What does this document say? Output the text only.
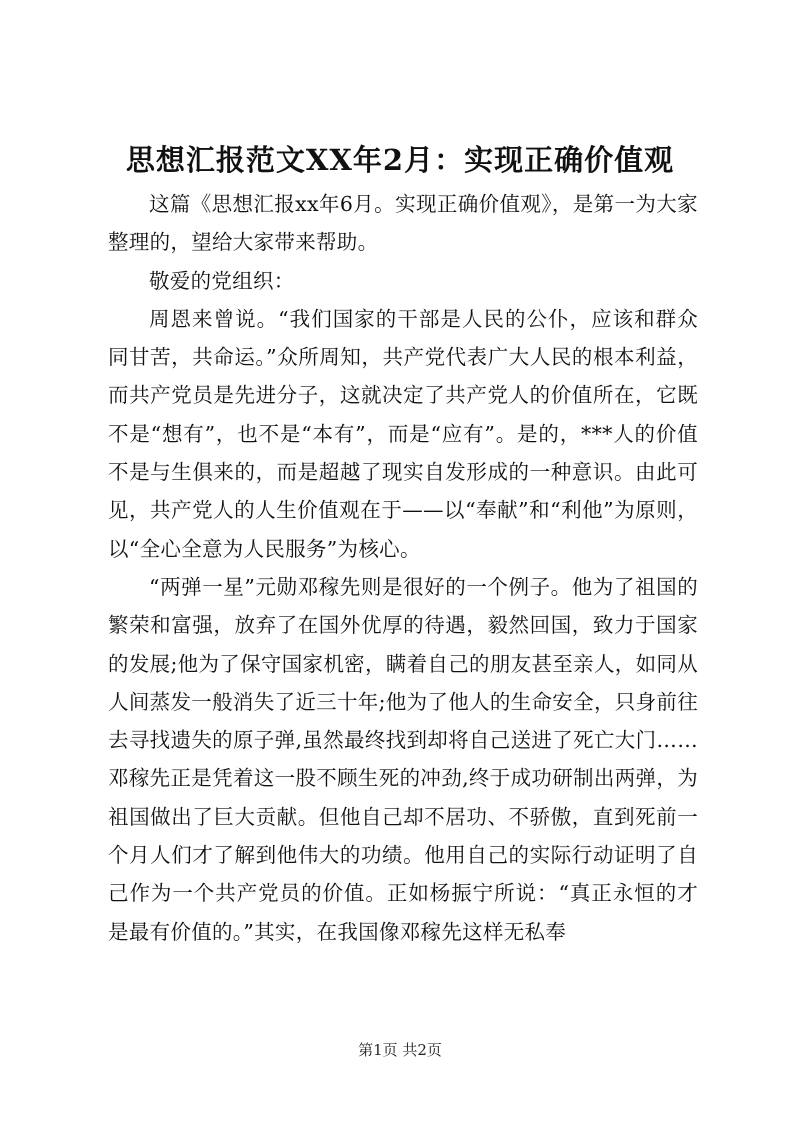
思想汇报范文XX年2月：实现正确价值观

这篇《思想汇报xx年6月。实现正确价值观》，是第一为大家整理的，望给大家带来帮助。

敬爱的党组织：

周恩来曾说。“我们国家的干部是人民的公仆，应该和群众同甘苦，共命运。”众所周知，共产党代表广大人民的根本利益，而共产党员是先进分子，这就决定了共产党人的价值所在，它既不是“想有”，也不是“本有”，而是“应有”。是的，***人的价值不是与生俱来的，而是超越了现实自发形成的一种意识。由此可见，共产党人的人生价值观在于——以“奉献”和“利他”为原则，以“全心全意为人民服务”为核心。

“两弹一星”元勋邓稼先则是很好的一个例子。他为了祖国的繁荣和富强，放弃了在国外优厚的待遇，毅然回国，致力于国家的发展;他为了保守国家机密，瞒着自己的朋友甚至亲人，如同从人间蒸发一般消失了近三十年;他为了他人的生命安全，只身前往去寻找遗失的原子弹,虽然最终找到却将自己送进了死亡大门……邓稼先正是凭着这一股不顾生死的冲劲,终于成功研制出两弹，为祖国做出了巨大贡献。但他自己却不居功、不骄傲，直到死前一个月人们才了解到他伟大的功绩。他用自己的实际行动证明了自己作为一个共产党员的价值。正如杨振宁所说：“真正永恒的才是最有价值的。”其实，在我国像邓稼先这样无私奉

第1页 共2页
